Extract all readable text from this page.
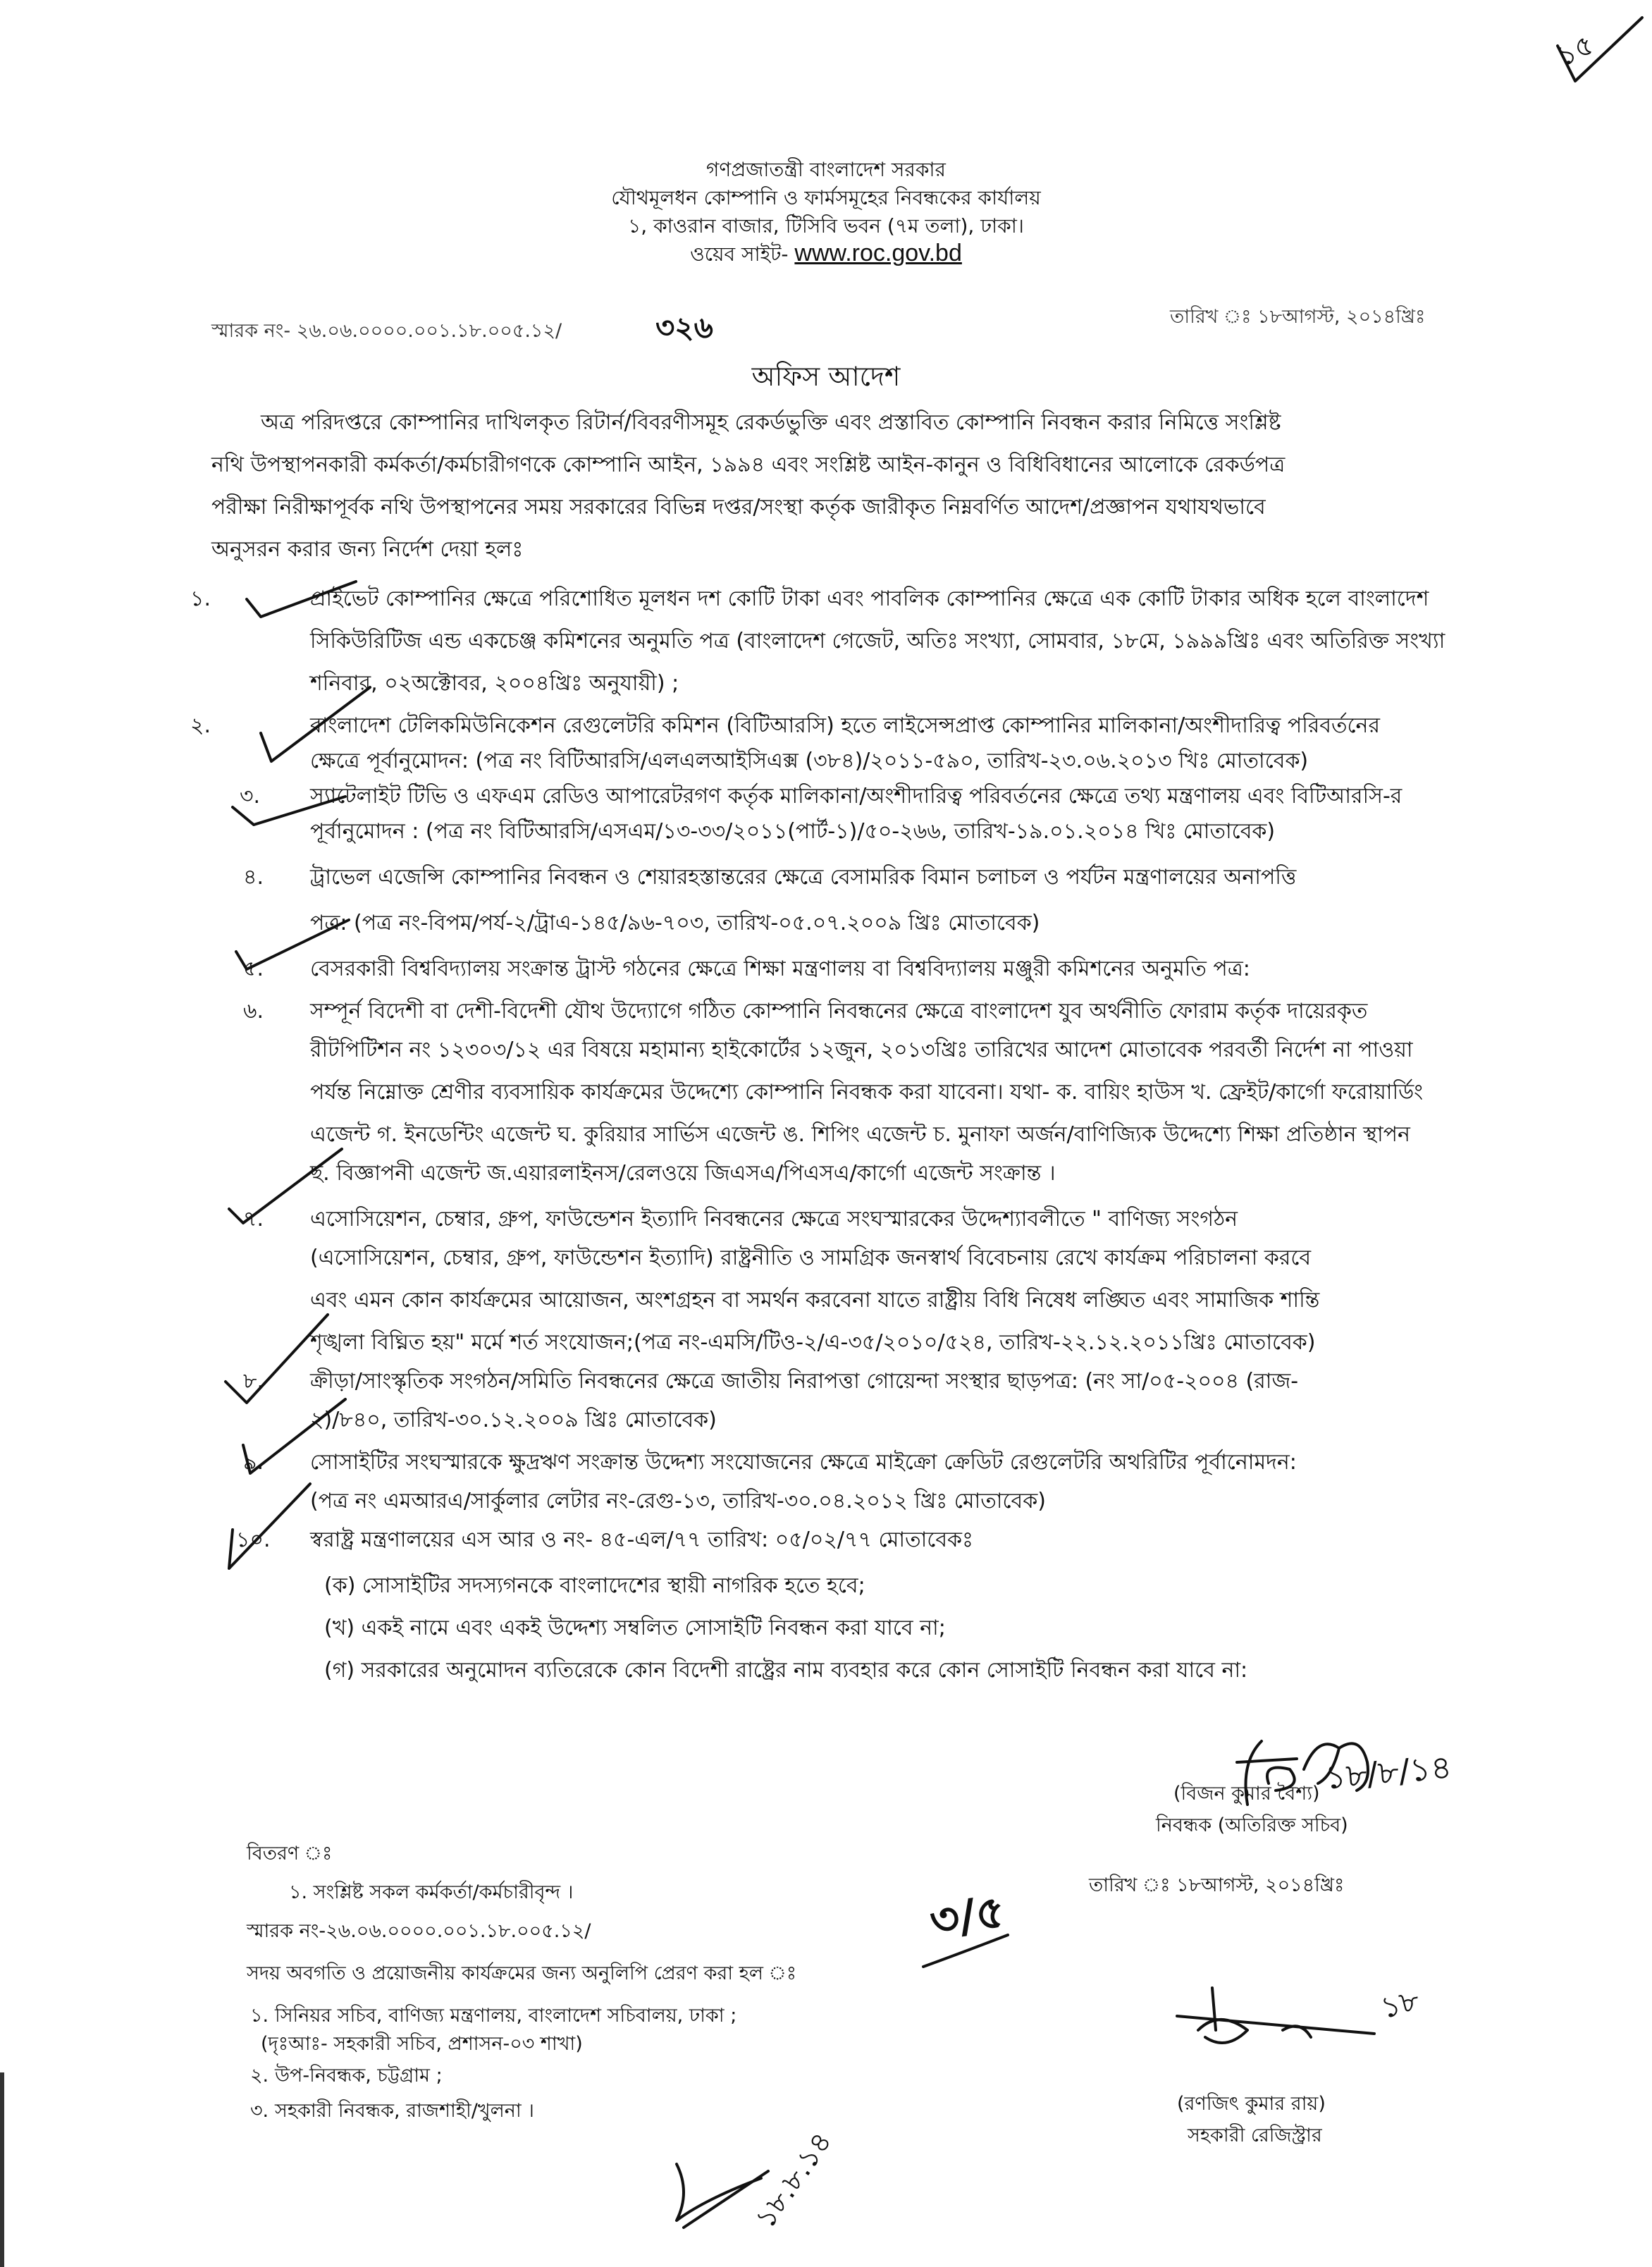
গণপ্রজাতন্ত্রী বাংলাদেশ সরকার
যৌথমূলধন কোম্পানি ও ফার্মসমূহের নিবন্ধকের কার্যালয়
১, কাওরান বাজার, টিসিবি ভবন (৭ম তলা), ঢাকা।
ওয়েব সাইট- www.roc.gov.bd
১৫
স্মারক নং- ২৬.০৬.০০০০.০০১.১৮.০০৫.১২/	৩২৬	তারিখ ঃ ১৮আগস্ট, ২০১৪খ্রিঃ
অফিস আদেশ
অত্র পরিদপ্তরে কোম্পানির দাখিলকৃত রিটার্ন/বিবরণীসমূহ রেকর্ডভুক্তি এবং প্রস্তাবিত কোম্পানি নিবন্ধন করার নিমিত্তে সংশ্লিষ্ট
নথি উপস্থাপনকারী কর্মকর্তা/কর্মচারীগণকে কোম্পানি আইন, ১৯৯৪ এবং সংশ্লিষ্ট আইন-কানুন ও বিধিবিধানের আলোকে রেকর্ডপত্র
পরীক্ষা নিরীক্ষাপূর্বক নথি উপস্থাপনের সময় সরকারের বিভিন্ন দপ্তর/সংস্থা কর্তৃক জারীকৃত নিম্নবর্ণিত আদেশ/প্রজ্ঞাপন যথাযথভাবে
অনুসরন করার জন্য নির্দেশ দেয়া হলঃ
১.	প্রাইভেট কোম্পানির ক্ষেত্রে পরিশোধিত মূলধন দশ কোটি টাকা এবং পাবলিক কোম্পানির ক্ষেত্রে এক কোটি টাকার অধিক হলে বাংলাদেশ
সিকিউরিটিজ এন্ড একচেঞ্জ কমিশনের অনুমতি পত্র (বাংলাদেশ গেজেট, অতিঃ সংখ্যা, সোমবার, ১৮মে, ১৯৯৯খ্রিঃ এবং অতিরিক্ত সংখ্যা
শনিবার, ০২অক্টোবর, ২০০৪খ্রিঃ অনুযায়ী) ;
২.	বাংলাদেশ টেলিকমিউনিকেশন রেগুলেটরি কমিশন (বিটিআরসি) হতে লাইসেন্সপ্রাপ্ত কোম্পানির মালিকানা/অংশীদারিত্ব পরিবর্তনের
ক্ষেত্রে পূর্বানুমোদন: (পত্র নং বিটিআরসি/এলএলআইসিএক্স (৩৮৪)/২০১১-৫৯০, তারিখ-২৩.০৬.২০১৩ খিঃ মোতাবেক)
৩. স্যাটেলাইট টিভি ও এফএম রেডিও আপারেটরগণ কর্তৃক মালিকানা/অংশীদারিত্ব পরিবর্তনের ক্ষেত্রে তথ্য মন্ত্রণালয় এবং বিটিআরসি-র
পূর্বানুমোদন : (পত্র নং বিটিআরসি/এসএম/১৩-৩৩/২০১১(পার্ট-১)/৫০-২৬৬, তারিখ-১৯.০১.২০১৪ খিঃ মোতাবেক)
৪. ট্রাভেল এজেন্সি কোম্পানির নিবন্ধন ও শেয়ারহস্তান্তরের ক্ষেত্রে বেসামরিক বিমান চলাচল ও পর্যটন মন্ত্রণালয়ের অনাপত্তি
পত্র: (পত্র নং-বিপম/পর্য-২/ট্রাএ-১৪৫/৯৬-৭০৩, তারিখ-০৫.০৭.২০০৯ খ্রিঃ মোতাবেক)
৫. বেসরকারী বিশ্ববিদ্যালয় সংক্রান্ত ট্রাস্ট গঠনের ক্ষেত্রে শিক্ষা মন্ত্রণালয় বা বিশ্ববিদ্যালয় মঞ্জুরী কমিশনের অনুমতি পত্র:
৬. সম্পূর্ন বিদেশী বা দেশী-বিদেশী যৌথ উদ্যোগে গঠিত কোম্পানি নিবন্ধনের ক্ষেত্রে বাংলাদেশ যুব অর্থনীতি ফোরাম কর্তৃক দায়েরকৃত
রীটপিটিশন নং ১২৩০৩/১২ এর বিষয়ে মহামান্য হাইকোর্টের ১২জুন, ২০১৩খ্রিঃ তারিখের আদেশ মোতাবেক পরবর্তী নির্দেশ না পাওয়া
পর্যন্ত নিম্নোক্ত শ্রেণীর ব্যবসায়িক কার্যক্রমের উদ্দেশ্যে কোম্পানি নিবন্ধক করা যাবেনা। যথা- ক. বায়িং হাউস খ. ফ্রেইট/কার্গো ফরোয়ার্ডিং
এজেন্ট গ. ইনডেন্টিং এজেন্ট ঘ. কুরিয়ার সার্ভিস এজেন্ট ঙ. শিপিং এজেন্ট চ. মুনাফা অর্জন/বাণিজ্যিক উদ্দেশ্যে শিক্ষা প্রতিষ্ঠান স্থাপন
ছ. বিজ্ঞাপনী এজেন্ট জ.এয়ারলাইনস/রেলওয়ে জিএসএ/পিএসএ/কার্গো এজেন্ট সংক্রান্ত ।
৭. এসোসিয়েশন, চেম্বার, গ্রুপ, ফাউন্ডেশন ইত্যাদি নিবন্ধনের ক্ষেত্রে সংঘস্মারকের উদ্দেশ্যাবলীতে " বাণিজ্য সংগঠন
(এসোসিয়েশন, চেম্বার, গ্রুপ, ফাউন্ডেশন ইত্যাদি) রাষ্ট্রনীতি ও সামগ্রিক জনস্বার্থ বিবেচনায় রেখে কার্যক্রম পরিচালনা করবে
এবং এমন কোন কার্যক্রমের আয়োজন, অংশগ্রহন বা সমর্থন করবেনা যাতে রাষ্ট্রীয় বিধি নিষেধ লঙ্ঘিত এবং সামাজিক শান্তি
শৃঙ্খলা বিঘ্নিত হয়" মর্মে শর্ত সংযোজন;(পত্র নং-এমসি/টিও-২/এ-৩৫/২০১০/৫২৪, তারিখ-২২.১২.২০১১খ্রিঃ মোতাবেক)
৮. ক্রীড়া/সাংস্কৃতিক সংগঠন/সমিতি নিবন্ধনের ক্ষেত্রে জাতীয় নিরাপত্তা গোয়েন্দা সংস্থার ছাড়পত্র: (নং সা/০৫-২০০৪ (রাজ-
২)/৮৪০, তারিখ-৩০.১২.২০০৯ খ্রিঃ মোতাবেক)
৯. সোসাইটির সংঘস্মারকে ক্ষুদ্রঋণ সংক্রান্ত উদ্দেশ্য সংযোজনের ক্ষেত্রে মাইক্রো ক্রেডিট রেগুলেটরি অথরিটির পূর্বানোমদন:
(পত্র নং এমআরএ/সার্কুলার লেটার নং-রেগু-১৩, তারিখ-৩০.০৪.২০১২ খ্রিঃ মোতাবেক)
১০. স্বরাষ্ট্র মন্ত্রণালয়ের এস আর ও নং- ৪৫-এল/৭৭ তারিখ: ০৫/০২/৭৭ মোতাবেকঃ
(ক) সোসাইটির সদস্যগনকে বাংলাদেশের স্থায়ী নাগরিক হতে হবে;
(খ) একই নামে এবং একই উদ্দেশ্য সম্বলিত সোসাইটি নিবন্ধন করা যাবে না;
(গ) সরকারের অনুমোদন ব্যতিরেকে কোন বিদেশী রাষ্ট্রের নাম ব্যবহার করে কোন সোসাইটি নিবন্ধন করা যাবে না:
১৮/৮/১৪
(বিজন কুমার বৈশ্য)
নিবন্ধক (অতিরিক্ত সচিব)
বিতরণ ঃ
১. সংশ্লিষ্ট সকল কর্মকর্তা/কর্মচারীবৃন্দ ।
স্মারক নং-২৬.০৬.০০০০.০০১.১৮.০০৫.১২/
সদয় অবগতি ও প্রয়োজনীয় কার্যক্রমের জন্য অনুলিপি প্রেরণ করা হল ঃ
৩/৫
তারিখ ঃ ১৮আগস্ট, ২০১৪খ্রিঃ
১. সিনিয়র সচিব, বাণিজ্য মন্ত্রণালয়, বাংলাদেশ সচিবালয়, ঢাকা ;
(দৃঃআঃ- সহকারী সচিব, প্রশাসন-০৩ শাখা)
২. উপ-নিবন্ধক, চট্টগ্রাম ;
৩. সহকারী নিবন্ধক, রাজশাহী/খুলনা ।
১৮
(রণজিৎ কুমার রায়)
সহকারী রেজিস্ট্রার
১৮.৮.১৪
